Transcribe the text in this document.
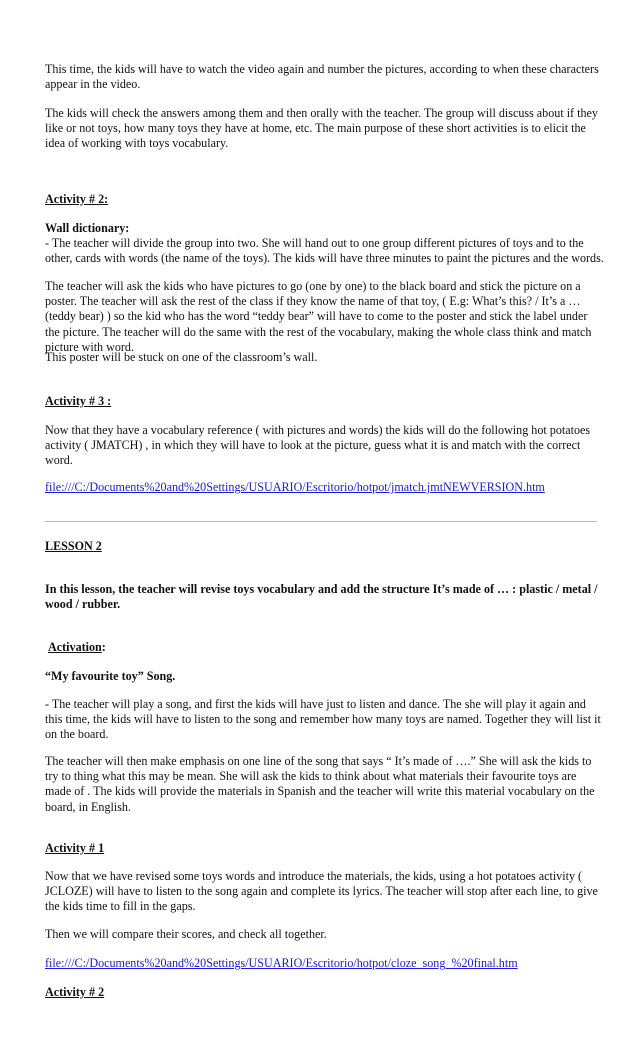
This time, the kids will have to watch the video again and number the pictures, according to when these characters appear in the video.

The kids will check the answers among them and then orally with the teacher. The group will discuss about if they like or not toys, how many toys they have at home, etc. The main purpose of these short activities is to elicit the idea of working with toys vocabulary.

Activity # 2:

Wall dictionary:

- The teacher will divide the group into two. She will hand out to one group different pictures of toys and to the other, cards with words (the name of the toys). The kids will have three minutes to paint the pictures and the words.

The teacher will ask the kids who have pictures to go (one by one) to the black board and stick the picture on a poster. The teacher will ask the rest of the class if they know the name of that toy, ( E.g: What’s this? / It’s a … (teddy bear) ) so the kid who has the word “teddy bear” will have to come to the poster and stick the label under the picture. The teacher will do the same with the rest of the vocabulary, making the whole class think and match picture with word.

This poster will be stuck on one of the classroom’s wall.

Activity # 3 :

Now that they have a vocabulary reference ( with pictures and words) the kids will do the following hot potatoes activity ( JMATCH) , in which they will have to look at the picture, guess what it is and match with the correct word.

file:///C:/Documents%20and%20Settings/USUARIO/Escritorio/hotpot/jmatch.jmtNEWVERSION.htm

LESSON 2

In this lesson, the teacher will revise toys vocabulary and add the structure It’s made of … : plastic / metal / wood / rubber.

Activation:

“My favourite toy” Song.

- The teacher will play a song, and first the kids will have just to listen and dance. The she will play it again and this time, the kids will have to listen to the song and remember how many toys are named. Together they will list it on the board.

The teacher will then make emphasis on one line of the song that says “ It’s made of ….” She will ask the kids to try to thing what this may be mean. She will ask the kids to think about what materials their favourite toys are made of . The kids will provide the materials in Spanish and the teacher will write this material vocabulary on the board, in English.

Activity # 1

Now that we have revised some toys words and introduce the materials, the kids, using a hot potatoes activity ( JCLOZE) will have to listen to the song again and complete its lyrics. The teacher will stop after each line, to give the kids time to fill in the gaps.

Then we will compare their scores, and check all together.

file:///C:/Documents%20and%20Settings/USUARIO/Escritorio/hotpot/cloze_song_%20final.htm

Activity # 2
